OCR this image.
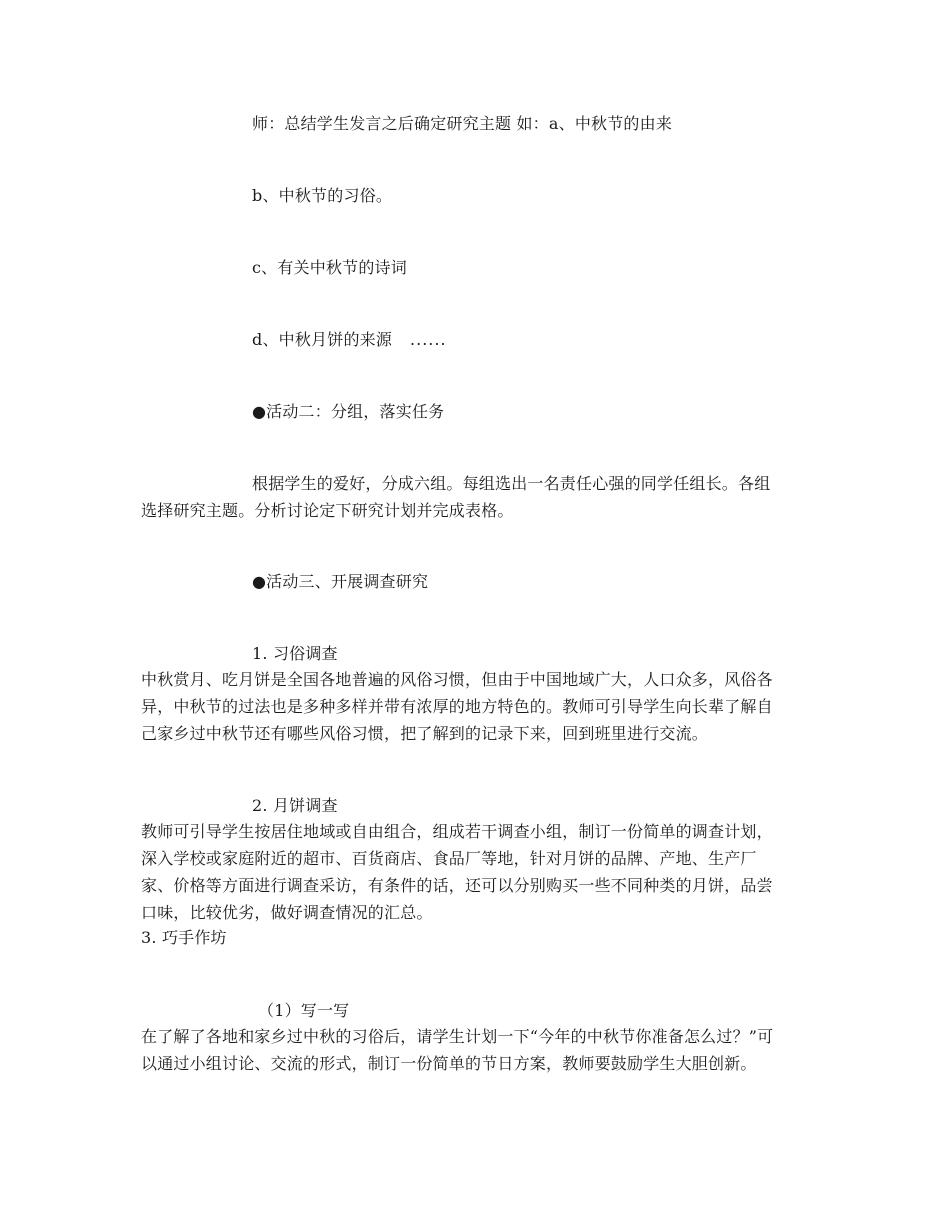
师：总结学生发言之后确定研究主题 如：a、中秋节的由来
b、中秋节的习俗。
c、有关中秋节的诗词
d、中秋月饼的来源 ......
●活动二：分组，落实任务
根据学生的爱好，分成六组。每组选出一名责任心强的同学任组长。各组
选择研究主题。分析讨论定下研究计划并完成表格。
●活动三、开展调查研究
1. 习俗调查
中秋赏月、吃月饼是全国各地普遍的风俗习惯，但由于中国地域广大，人口众多，风俗各
异，中秋节的过法也是多种多样并带有浓厚的地方特色的。教师可引导学生向长辈了解自
己家乡过中秋节还有哪些风俗习惯，把了解到的记录下来，回到班里进行交流。
2. 月饼调查
教师可引导学生按居住地域或自由组合，组成若干调查小组，制订一份简单的调查计划，
深入学校或家庭附近的超市、百货商店、食品厂等地，针对月饼的品牌、产地、生产厂
家、价格等方面进行调查采访，有条件的话，还可以分别购买一些不同种类的月饼，品尝
口味，比较优劣，做好调查情况的汇总。
3. 巧手作坊
（1）写一写
在了解了各地和家乡过中秋的习俗后，请学生计划一下“今年的中秋节你准备怎么过？”可
以通过小组讨论、交流的形式，制订一份简单的节日方案，教师要鼓励学生大胆创新。
